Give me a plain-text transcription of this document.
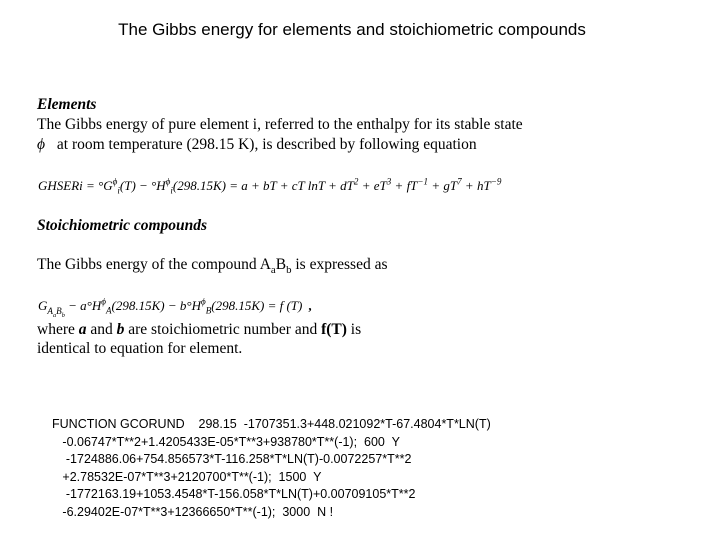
The Gibbs energy for elements and stoichiometric compounds
Elements
The Gibbs energy of pure element i, referred to the enthalpy for its stable state
ϕ at room temperature (298.15 K), is described by following equation
GHSERi = $^\circ G^\phi_i(T) - ^\circ H^\phi_i(298.15K) = a$ + bT + cT $\ln T + dT^2 + eT^3 + fT^{-1} + gT^7 + hT^{-9}$
Stoichiometric compounds
The Gibbs energy of the compound $A_aB_b$ is expressed as
$G_{A_aB_b} - a^\circ H^\phi_A(298.15K) - b^\circ H^\phi_B(298.15K) = f$ (T) ,
where a and b are stoichiometric number and f(T) is
identical to equation for element.
FUNCTION GCORUND    298.15  -1707351.3+448.021092*T-67.4804*T*LN(T)
-0.06747*T**2+1.4205433E-05*T**3+938780*T**(-1);  600  Y
-1724886.06+754.856573*T-116.258*T*LN(T)-0.0072257*T**2
+2.78532E-07*T**3+2120700*T**(-1);  1500  Y
-1772163.19+1053.4548*T-156.058*T*LN(T)+0.00709105*T**2
-6.29402E-07*T**3+12366650*T**(-1);  3000  N !
